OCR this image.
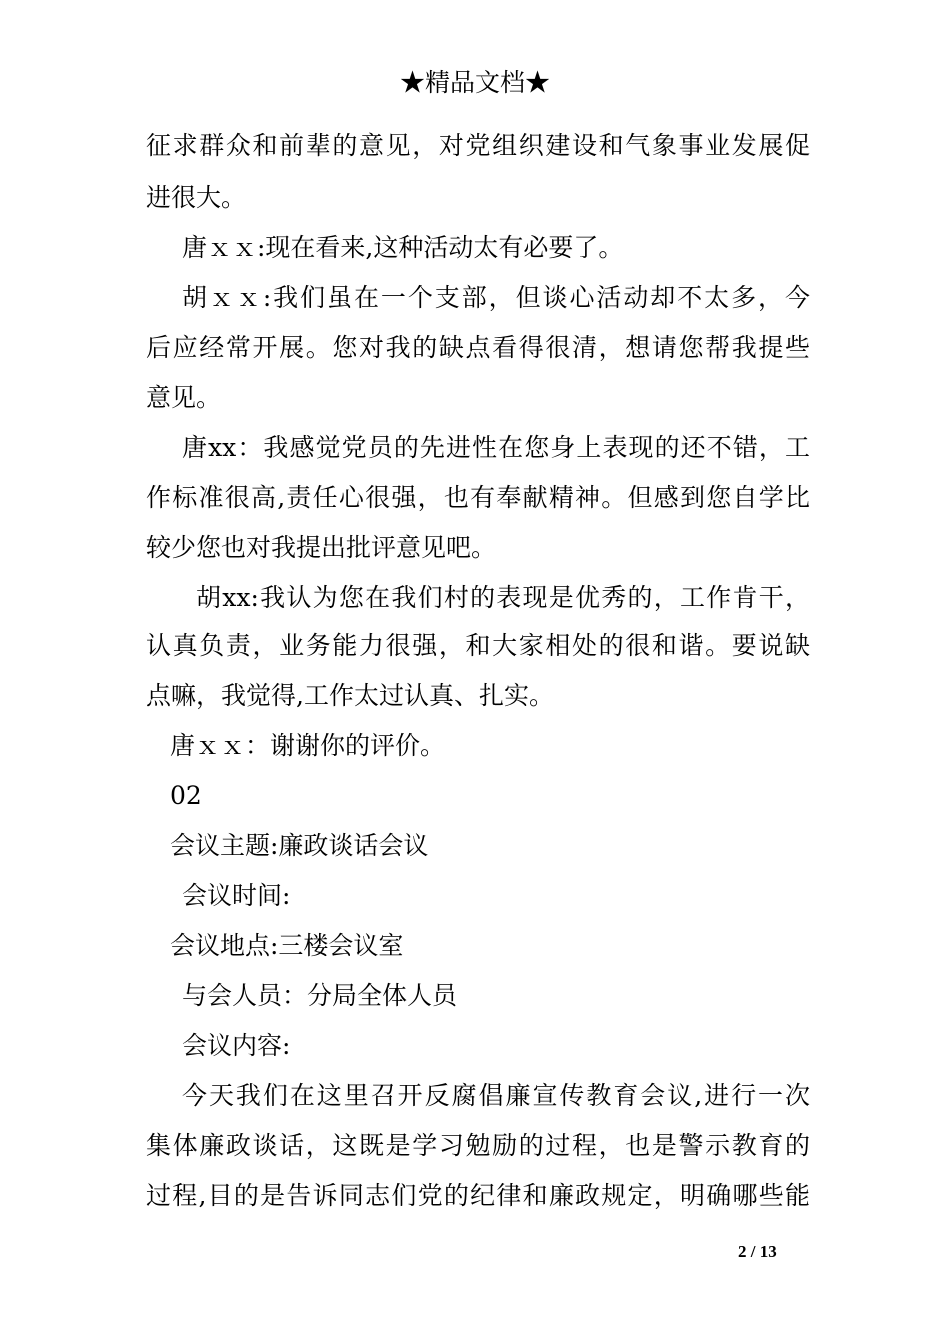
★精品文档★
征求群众和前辈的意见，对党组织建设和气象事业发展促
进很大。
唐ｘｘ:现在看来,这种活动太有必要了。
胡ｘｘ:我们虽在一个支部，但谈心活动却不太多，今
后应经常开展。您对我的缺点看得很清，想请您帮我提些
意见。
唐xx：我感觉党员的先进性在您身上表现的还不错，工
作标准很高,责任心很强，也有奉献精神。但感到您自学比
较少您也对我提出批评意见吧。
胡xx:我认为您在我们村的表现是优秀的，工作肯干，
认真负责，业务能力很强，和大家相处的很和谐。要说缺
点嘛，我觉得,工作太过认真、扎实。
唐ｘｘ：谢谢你的评价。
02
会议主题:廉政谈话会议
会议时间:
会议地点:三楼会议室
与会人员：分局全体人员
会议内容:
今天我们在这里召开反腐倡廉宣传教育会议,进行一次
集体廉政谈话，这既是学习勉励的过程，也是警示教育的
过程,目的是告诉同志们党的纪律和廉政规定，明确哪些能
2 / 13
